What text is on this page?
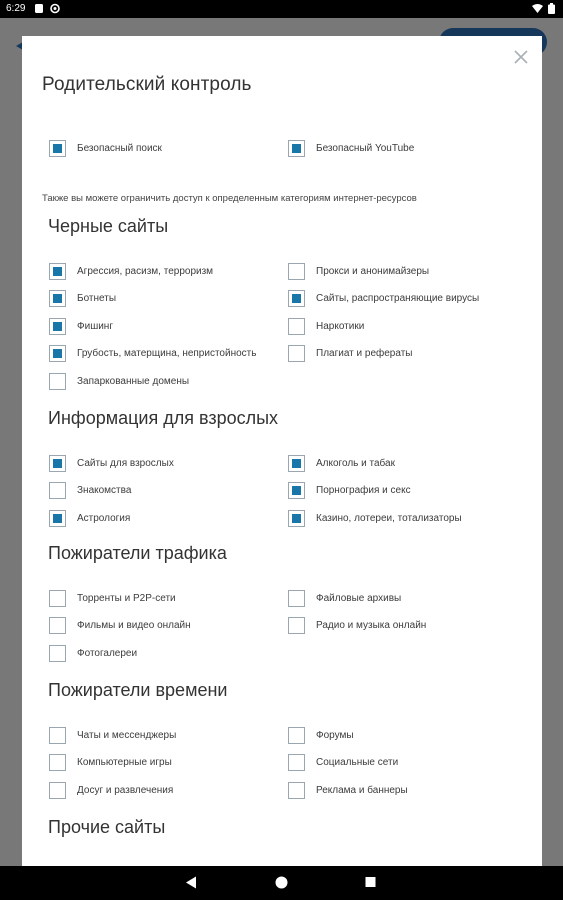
6:29
Родительский контроль
Безопасный поиск	Безопасный YouTube
Также вы можете ограничить доступ к определенным категориям интернет-ресурсов
Черные сайты
Агрессия, расизм, терроризм
Ботнеты
Фишинг
Грубость, матерщина, непристойность
Запаркованные домены
Прокси и анонимайзеры
Сайты, распространяющие вирусы
Наркотики
Плагиат и рефераты
Информация для взрослых
Сайты для взрослых
Знакомства
Астрология
Алкоголь и табак
Порнография и секс
Казино, лотереи, тотализаторы
Пожиратели трафика
Торренты и P2P-сети
Фильмы и видео онлайн
Фотогалереи
Файловые архивы
Радио и музыка онлайн
Пожиратели времени
Чаты и мессенджеры
Компьютерные игры
Досуг и развлечения
Форумы
Социальные сети
Реклама и баннеры
Прочие сайты
